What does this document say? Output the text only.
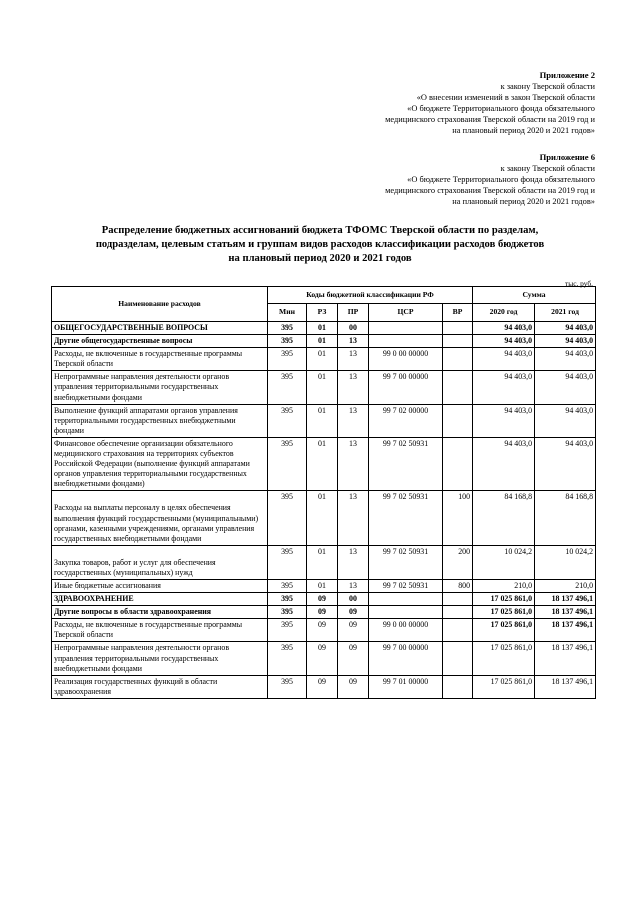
Приложение 2
к закону Тверской области
«О внесении изменений в закон Тверской области
«О бюджете Территориального фонда обязательного
медицинского страхования Тверской области на 2019 год и
на плановый период 2020 и 2021 годов»
Приложение 6
к закону Тверской области
«О бюджете Территориального фонда обязательного
медицинского страхования Тверской области на 2019 год и
на плановый период 2020 и 2021 годов»
Распределение бюджетных ассигнований бюджета ТФОМС Тверской области по разделам,
подразделам, целевым статьям и группам видов расходов классификации расходов бюджетов
на плановый период 2020 и 2021 годов
тыс. руб.
Наименование расходов	Коды бюджетной классификации РФ					Сумма	
	Мин	РЗ	ПР	ЦСР	ВР	2020 год	2021 год
ОБЩЕГОСУДАРСТВЕННЫЕ ВОПРОСЫ	395	01	00			94 403,0	94 403,0
Другие общегосударственные вопросы	395	01	13			94 403,0	94 403,0
Расходы, не включенные в государственные программы Тверской области	395	01	13	99 0 00 00000		94 403,0	94 403,0
Непрограммные направления деятельности органов управления территориальными государственных внебюджетными фондами	395	01	13	99 7 00 00000		94 403,0	94 403,0
Выполнение функций аппаратами органов управления территориальными государственных внебюджетными фондами	395	01	13	99 7 02 00000		94 403,0	94 403,0
Финансовое обеспечение организации обязательного медицинского страхования на территориях субъектов Российской Федерации (выполнение функций аппаратами органов управления территориальными государственных внебюджетными фондами)	395	01	13	99 7 02 50931		94 403,0	94 403,0
Расходы на выплаты персоналу в целях обеспечения выполнения функций государственными (муниципальными) органами, казенными учреждениями, органами управления государственных внебюджетными фондами	395	01	13	99 7 02 50931	100	84 168,8	84 168,8
Закупка товаров, работ и услуг для обеспечения государственных (муниципальных) нужд	395	01	13	99 7 02 50931	200	10 024,2	10 024,2
Иные бюджетные ассигнования	395	01	13	99 7 02 50931	800	210,0	210,0
ЗДРАВООХРАНЕНИЕ	395	09	00			17 025 861,0	18 137 496,1
Другие вопросы в области здравоохранения	395	09	09			17 025 861,0	18 137 496,1
Расходы, не включенные в государственные программы Тверской области	395	09	09	99 0 00 00000		17 025 861,0	18 137 496,1
Непрограммные направления деятельности органов управления территориальными государственных внебюджетными фондами	395	09	09	99 7 00 00000		17 025 861,0	18 137 496,1
Реализация государственных функций в области здравоохранения	395	09	09	99 7 01 00000		17 025 861,0	18 137 496,1
